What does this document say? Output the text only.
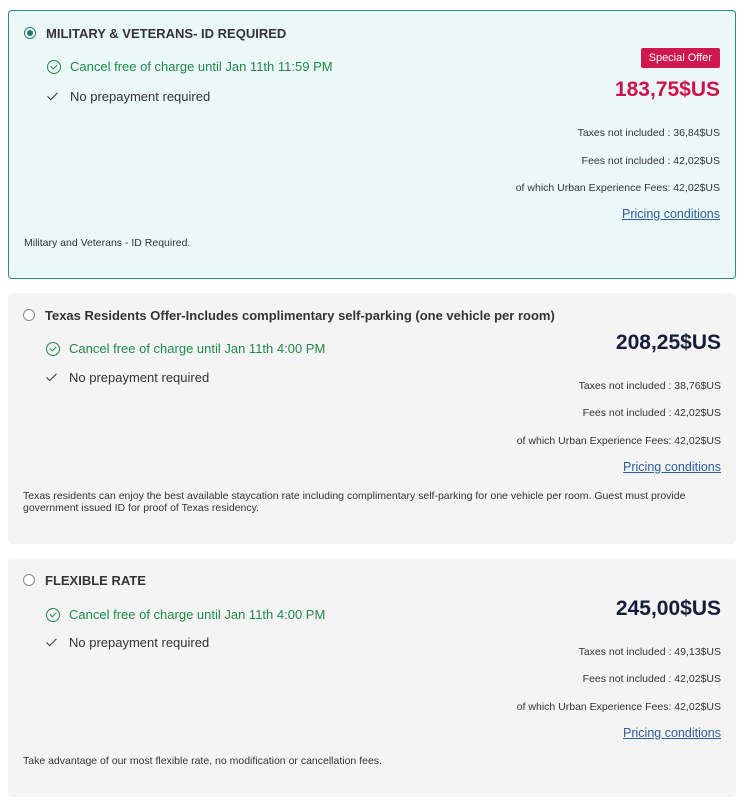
MILITARY & VETERANS- ID REQUIRED
Cancel free of charge until Jan 11th 11:59 PM
No prepayment required
Special Offer
183,75$US
Taxes not included : 36,84$US
Fees not included : 42,02$US
of which Urban Experience Fees: 42,02$US
Pricing conditions
Military and Veterans - ID Required.
Texas Residents Offer-Includes complimentary self-parking (one vehicle per room)
Cancel free of charge until Jan 11th 4:00 PM
No prepayment required
208,25$US
Taxes not included : 38,76$US
Fees not included : 42,02$US
of which Urban Experience Fees: 42,02$US
Pricing conditions
Texas residents can enjoy the best available staycation rate including complimentary self-parking for one vehicle per room. Guest must provide government issued ID for proof of Texas residency.
FLEXIBLE RATE
Cancel free of charge until Jan 11th 4:00 PM
No prepayment required
245,00$US
Taxes not included : 49,13$US
Fees not included : 42,02$US
of which Urban Experience Fees: 42,02$US
Pricing conditions
Take advantage of our most flexible rate, no modification or cancellation fees.
